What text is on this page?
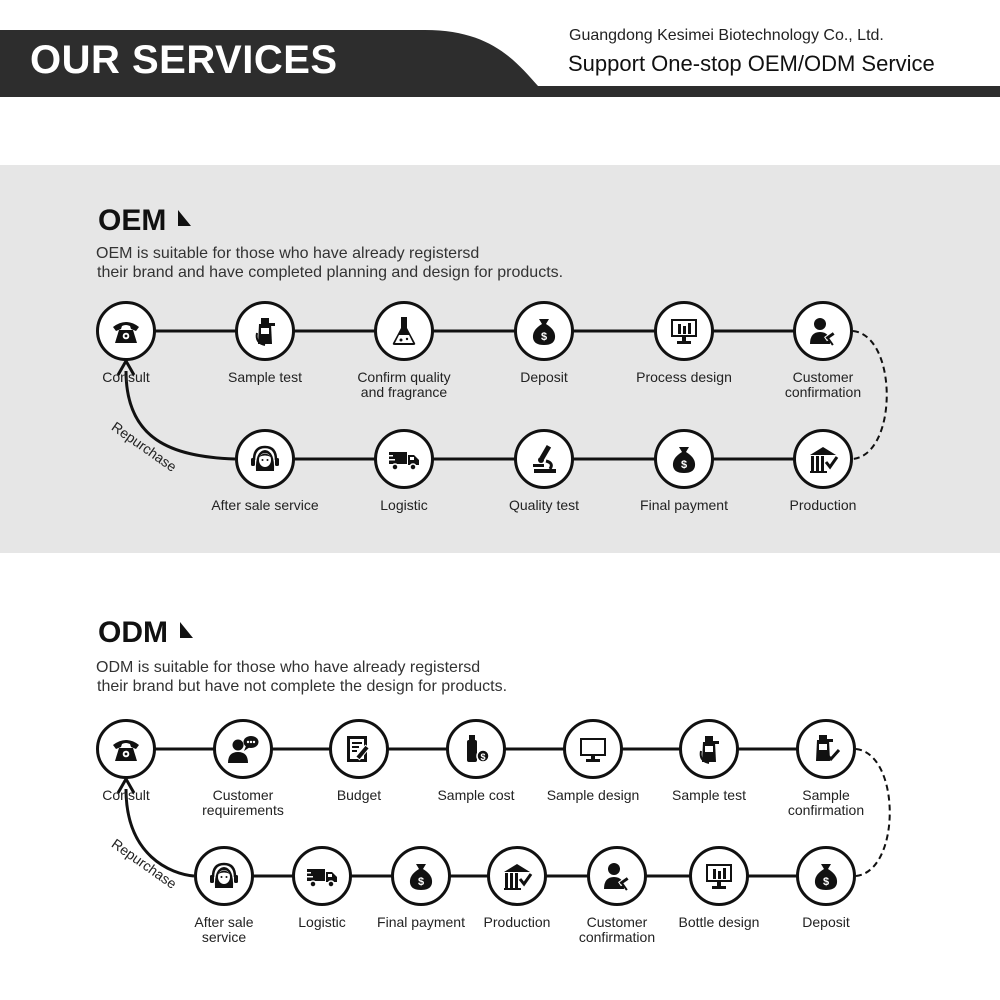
OUR SERVICES
Guangdong Kesimei Biotechnology Co., Ltd.
Support One-stop OEM/ODM Service
OEM

OEM is suitable for those who have already registersd
their brand and have completed planning and design for products.

Repurchase
Consult	Sample test	Confirm quality
and fragrance
$
Deposit	Process design	Customer
confirmation
Production
$
Final payment
Quality test
Logistic
After sale service
ODM

ODM is suitable for those who have already registersd
their brand but have not complete the design for products.

Repurchase
Consult	Customer
requirements
Budget
$
Sample cost	Sample design	Sample test	Sample
confirmation
$
Deposit
Bottle design
Customer
confirmation
Production
$
Final payment
Logistic
After sale
service
